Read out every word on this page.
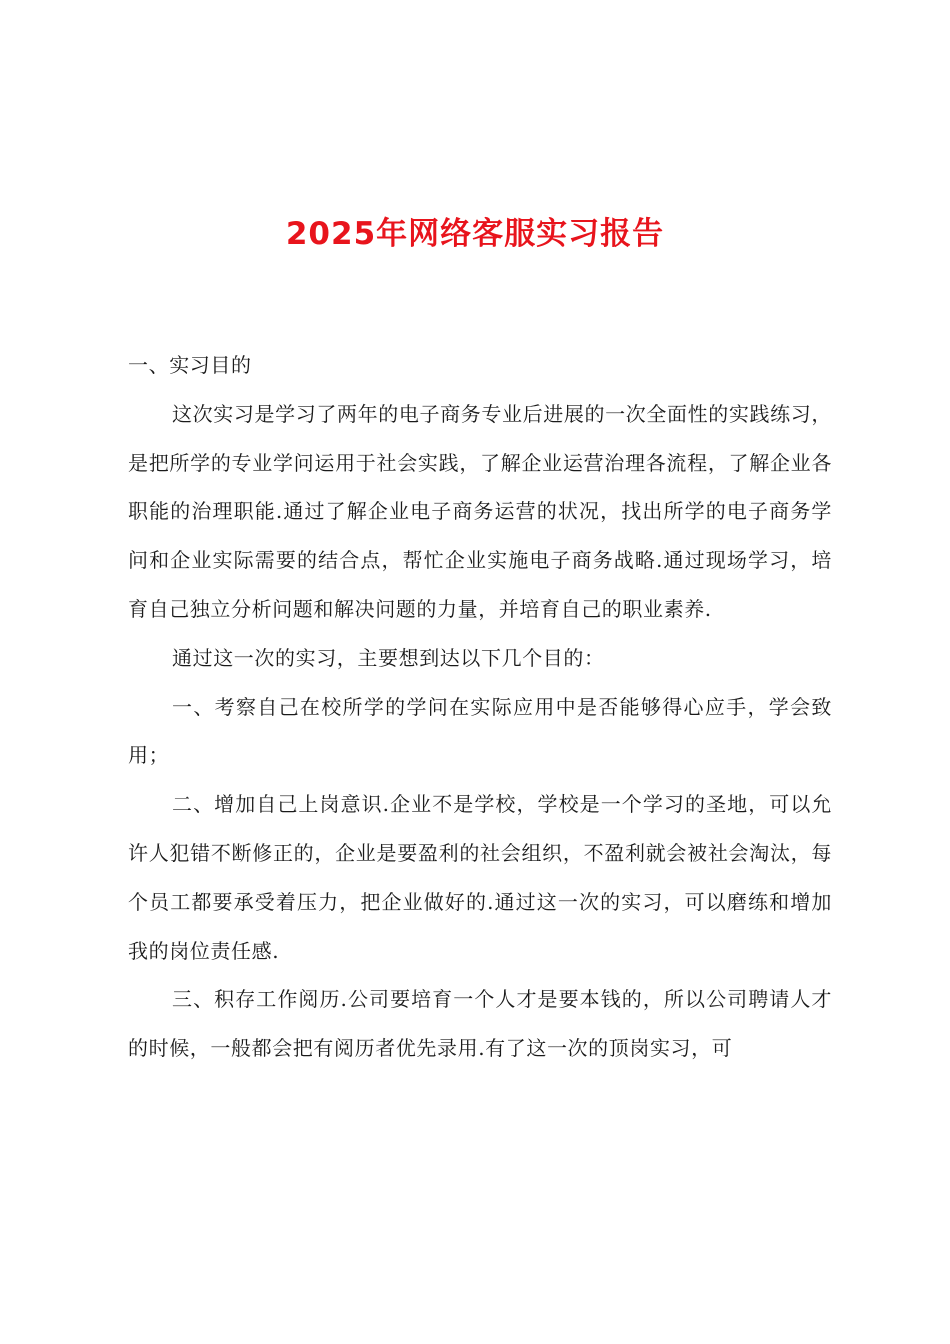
2025年网络客服实习报告

一、实习目的

这次实习是学习了两年的电子商务专业后进展的一次全面性的实践练习，是把所学的专业学问运用于社会实践，了解企业运营治理各流程，了解企业各职能的治理职能.通过了解企业电子商务运营的状况，找出所学的电子商务学问和企业实际需要的结合点，帮忙企业实施电子商务战略.通过现场学习，培育自己独立分析问题和解决问题的力量，并培育自己的职业素养.

通过这一次的实习，主要想到达以下几个目的：

一、考察自己在校所学的学问在实际应用中是否能够得心应手，学会致用；

二、增加自己上岗意识.企业不是学校，学校是一个学习的圣地，可以允许人犯错不断修正的，企业是要盈利的社会组织，不盈利就会被社会淘汰，每个员工都要承受着压力，把企业做好的.通过这一次的实习，可以磨练和增加我的岗位责任感.

三、积存工作阅历.公司要培育一个人才是要本钱的，所以公司聘请人才的时候，一般都会把有阅历者优先录用.有了这一次的顶岗实习，可
